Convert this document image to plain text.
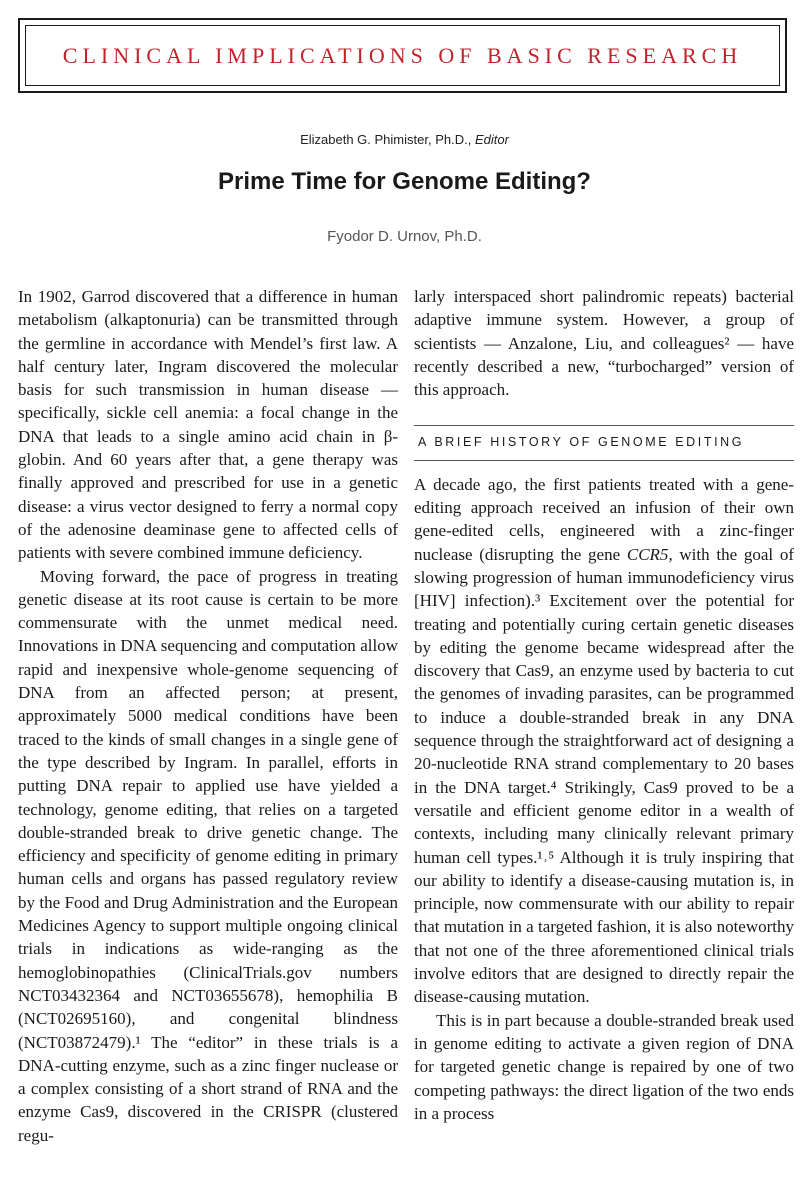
CLINICAL IMPLICATIONS OF BASIC RESEARCH
Elizabeth G. Phimister, Ph.D., Editor
Prime Time for Genome Editing?
Fyodor D. Urnov, Ph.D.

In 1902, Garrod discovered that a difference in human metabolism (alkaptonuria) can be transmitted through the germline in accordance with Mendel’s first law. A half century later, Ingram discovered the molecular basis for such transmission in human disease — specifically, sickle cell anemia: a focal change in the DNA that leads to a single amino acid chain in β-globin. And 60 years after that, a gene therapy was finally approved and prescribed for use in a genetic disease: a virus vector designed to ferry a normal copy of the adenosine deaminase gene to affected cells of patients with severe combined immune deficiency.

Moving forward, the pace of progress in treating genetic disease at its root cause is certain to be more commensurate with the unmet medical need. Innovations in DNA sequencing and computation allow rapid and inexpensive whole-genome sequencing of DNA from an affected person; at present, approximately 5000 medical conditions have been traced to the kinds of small changes in a single gene of the type described by Ingram. In parallel, efforts in putting DNA repair to applied use have yielded a technology, genome editing, that relies on a targeted double-stranded break to drive genetic change. The efficiency and specificity of genome editing in primary human cells and organs has passed regulatory review by the Food and Drug Administration and the European Medicines Agency to support multiple ongoing clinical trials in indications as wide-ranging as the hemoglobinopathies (ClinicalTrials.gov numbers NCT03432364 and NCT03655678), hemophilia B (NCT02695160), and congenital blindness (NCT03872479).¹ The “editor” in these trials is a DNA-cutting enzyme, such as a zinc finger nuclease or a complex consisting of a short strand of RNA and the enzyme Cas9, discovered in the CRISPR (clustered regu-

larly interspaced short palindromic repeats) bacterial adaptive immune system. However, a group of scientists — Anzalone, Liu, and colleagues² — have recently described a new, “turbocharged” version of this approach.

A BRIEF HISTORY OF GENOME EDITING

A decade ago, the first patients treated with a gene-editing approach received an infusion of their own gene-edited cells, engineered with a zinc-finger nuclease (disrupting the gene CCR5, with the goal of slowing progression of human immunodeficiency virus [HIV] infection).³ Excitement over the potential for treating and potentially curing certain genetic diseases by editing the genome became widespread after the discovery that Cas9, an enzyme used by bacteria to cut the genomes of invading parasites, can be programmed to induce a double-stranded break in any DNA sequence through the straightforward act of designing a 20-nucleotide RNA strand complementary to 20 bases in the DNA target.⁴ Strikingly, Cas9 proved to be a versatile and efficient genome editor in a wealth of contexts, including many clinically relevant primary human cell types.¹˒⁵ Although it is truly inspiring that our ability to identify a disease-causing mutation is, in principle, now commensurate with our ability to repair that mutation in a targeted fashion, it is also noteworthy that not one of the three aforementioned clinical trials involve editors that are designed to directly repair the disease-causing mutation.

This is in part because a double-stranded break used in genome editing to activate a given region of DNA for targeted genetic change is repaired by one of two competing pathways: the direct ligation of the two ends in a process
